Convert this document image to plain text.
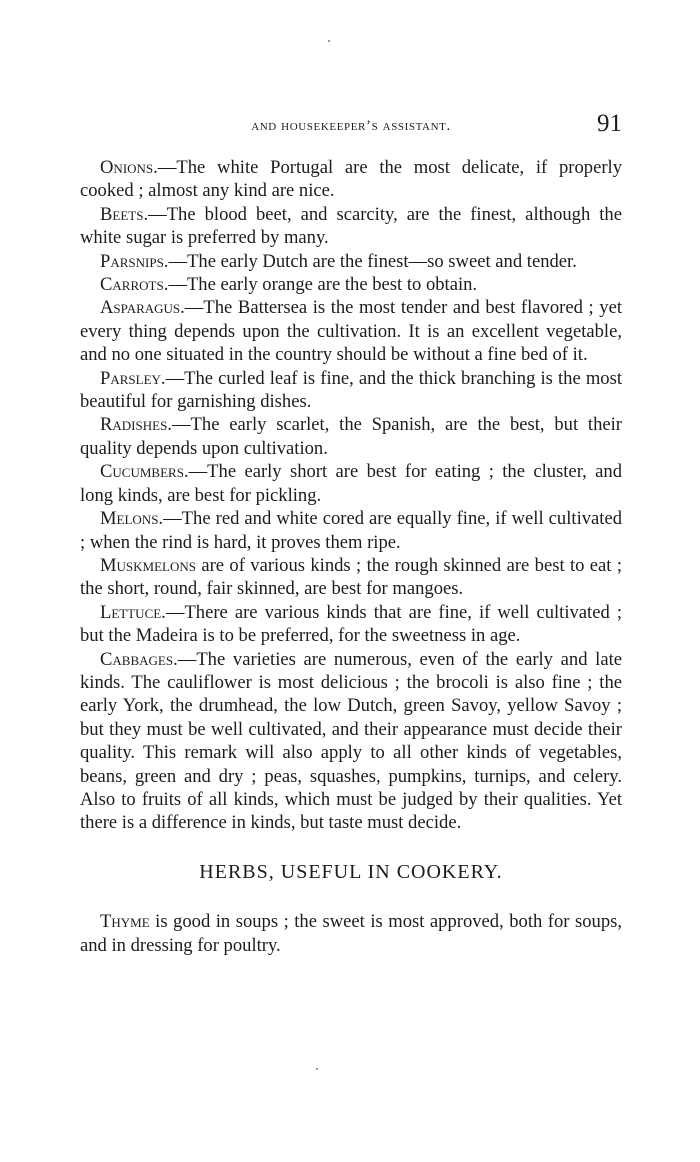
and housekeeper’s assistant.	91

Onions.—The white Portugal are the most delicate, if properly cooked ; almost any kind are nice.

Beets.—The blood beet, and scarcity, are the finest, although the white sugar is preferred by many.

Parsnips.—The early Dutch are the finest—so sweet and tender.

Carrots.—The early orange are the best to obtain.

Asparagus.—The Battersea is the most tender and best flavored ; yet every thing depends upon the cultivation. It is an excellent vegetable, and no one situated in the country should be without a fine bed of it.

Parsley.—The curled leaf is fine, and the thick branching is the most beautiful for garnishing dishes.

Radishes.—The early scarlet, the Spanish, are the best, but their quality depends upon cultivation.

Cucumbers.—The early short are best for eating ; the cluster, and long kinds, are best for pickling.

Melons.—The red and white cored are equally fine, if well cultivated ; when the rind is hard, it proves them ripe.

Muskmelons are of various kinds ; the rough skinned are best to eat ; the short, round, fair skinned, are best for mangoes.

Lettuce.—There are various kinds that are fine, if well cultivated ; but the Madeira is to be preferred, for the sweetness in age.

Cabbages.—The varieties are numerous, even of the early and late kinds. The cauliflower is most delicious ; the brocoli is also fine ; the early York, the drumhead, the low Dutch, green Savoy, yellow Savoy ; but they must be well cultivated, and their appearance must decide their quality. This remark will also apply to all other kinds of vegetables, beans, green and dry ; peas, squashes, pumpkins, turnips, and celery. Also to fruits of all kinds, which must be judged by their qualities. Yet there is a difference in kinds, but taste must decide.

HERBS, USEFUL IN COOKERY.

Thyme is good in soups ; the sweet is most approved, both for soups, and in dressing for poultry.
